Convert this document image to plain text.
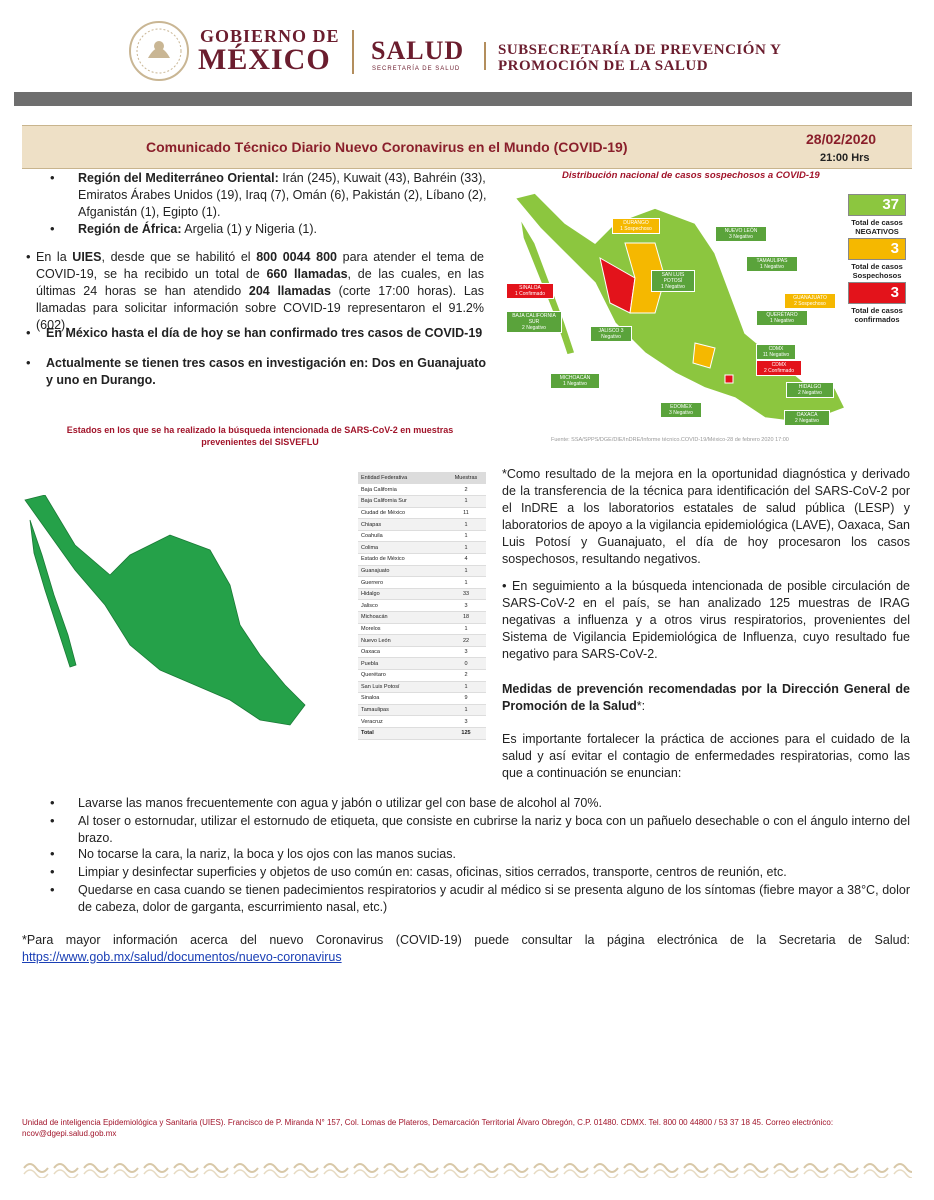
GOBIERNO DE
MÉXICO SALUD
SECRETARÍA DE SALUD
SUBSECRETARÍA DE PREVENCIÓN Y
PROMOCIÓN DE LA SALUD
Comunicado Técnico Diario Nuevo Coronavirus en el Mundo (COVID-19)	28/02/2020
21:00 Hrs
• Región del Mediterráneo Oriental: Irán (245), Kuwait (43), Bahréin (33), Emiratos Árabes Unidos (19), Iraq (7), Omán (6), Pakistán (2), Líbano (2), Afganistán (1), Egipto (1).
• Región de África: Argelia (1) y Nigeria (1).
• En la UIES, desde que se habilitó el 800 0044 800 para atender el tema de COVID-19, se ha recibido un total de 660 llamadas, de las cuales, en las últimas 24 horas se han atendido 204 llamadas (corte 17:00 horas). Las llamadas para solicitar información sobre COVID-19 representaron el 91.2% (602).
• En México hasta el día de hoy se han confirmado tres casos de COVID-19
• Actualmente se tienen tres casos en investigación en: Dos en Guanajuato y uno en Durango.
Distribución nacional de casos sospechosos a COVID-19
37
Total de casos NEGATIVOS
3
Total de casos Sospechosos
3
Total de casos confirmados
DURANGO
1 Sospechoso	NUEVO LEÓN
3 Negativo
TAMAULIPAS
1 Negativo
SINALOA
1 Confirmado
SAN LUIS
POTOSÍ
1 Negativo
BAJA CALIFORNIA
SUR
2 Negativo
GUANAJUATO
2 Sospechoso
QUERÉTARO
1 Negativo
JALISCO 3
Negativo
CDMX
11 Negativo
CDMX
2 Confirmado
MICHOACÁN
1 Negativo	HIDALGO
2 Negativo
EDOMEX
3 Negativo	OAXACA
2 Negativo
Fuente: SSA/SPPS/DGE/DIE/InDRE/Informe técnico.COVID-19/México-28 de febrero 2020 17:00
Estados en los que se ha realizado la búsqueda intencionada de SARS-CoV-2 en muestras
prevenientes del SISVEFLU
Entidad Federativa	Muestras
Baja California	2
Baja California Sur	1
Ciudad de México	11
Chiapas	1
Coahuila	1
Colima	1
Estado de México	4
Guanajuato	1
Guerrero	1
Hidalgo	33
Jalisco	3
Michoacán	18
Morelos	1
Nuevo León	22
Oaxaca	3
Puebla	0
Querétaro	2
San Luis Potosí	1
Sinaloa	9
Tamaulipas	1
Veracruz	3
Total	125
*Como resultado de la mejora en la oportunidad diagnóstica y derivado de la transferencia de la técnica para identificación del SARS-CoV-2 por el InDRE a los laboratorios estatales de salud pública (LESP) y laboratorios de apoyo a la vigilancia epidemiológica (LAVE), Oaxaca, San Luis Potosí y Guanajuato, el día de hoy procesaron los casos sospechosos, resultando negativos.
• En seguimiento a la búsqueda intencionada de posible circulación de SARS-CoV-2 en el país, se han analizado 125 muestras de IRAG negativas a influenza y a otros virus respiratorios, provenientes del Sistema de Vigilancia Epidemiológica de Influenza, cuyo resultado fue negativo para SARS-CoV-2.
Medidas de prevención recomendadas por la Dirección General de Promoción de la Salud*:
Es importante fortalecer la práctica de acciones para el cuidado de la salud y así evitar el contagio de enfermedades respiratorias, como las que a continuación se enuncian:
• Lavarse las manos frecuentemente con agua y jabón o utilizar gel con base de alcohol al 70%.
• Al toser o estornudar, utilizar el estornudo de etiqueta, que consiste en cubrirse la nariz y boca con un pañuelo desechable o con el ángulo interno del brazo.
• No tocarse la cara, la nariz, la boca y los ojos con las manos sucias.
• Limpiar y desinfectar superficies y objetos de uso común en: casas, oficinas, sitios cerrados, transporte, centros de reunión, etc.
• Quedarse en casa cuando se tienen padecimientos respiratorios y acudir al médico si se presenta alguno de los síntomas (fiebre mayor a 38°C, dolor de cabeza, dolor de garganta, escurrimiento nasal, etc.)
*Para mayor información acerca del nuevo Coronavirus (COVID-19) puede consultar la página electrónica de la Secretaria de Salud: https://www.gob.mx/salud/documentos/nuevo-coronavirus
Unidad de inteligencia Epidemiológica y Sanitaria (UIES). Francisco de P. Miranda N° 157, Col. Lomas de Plateros, Demarcación Territorial Álvaro Obregón, C.P. 01480. CDMX. Tel. 800 00 44800 / 53 37 18 45. Correo electrónico: ncov@dgepi.salud.gob.mx
